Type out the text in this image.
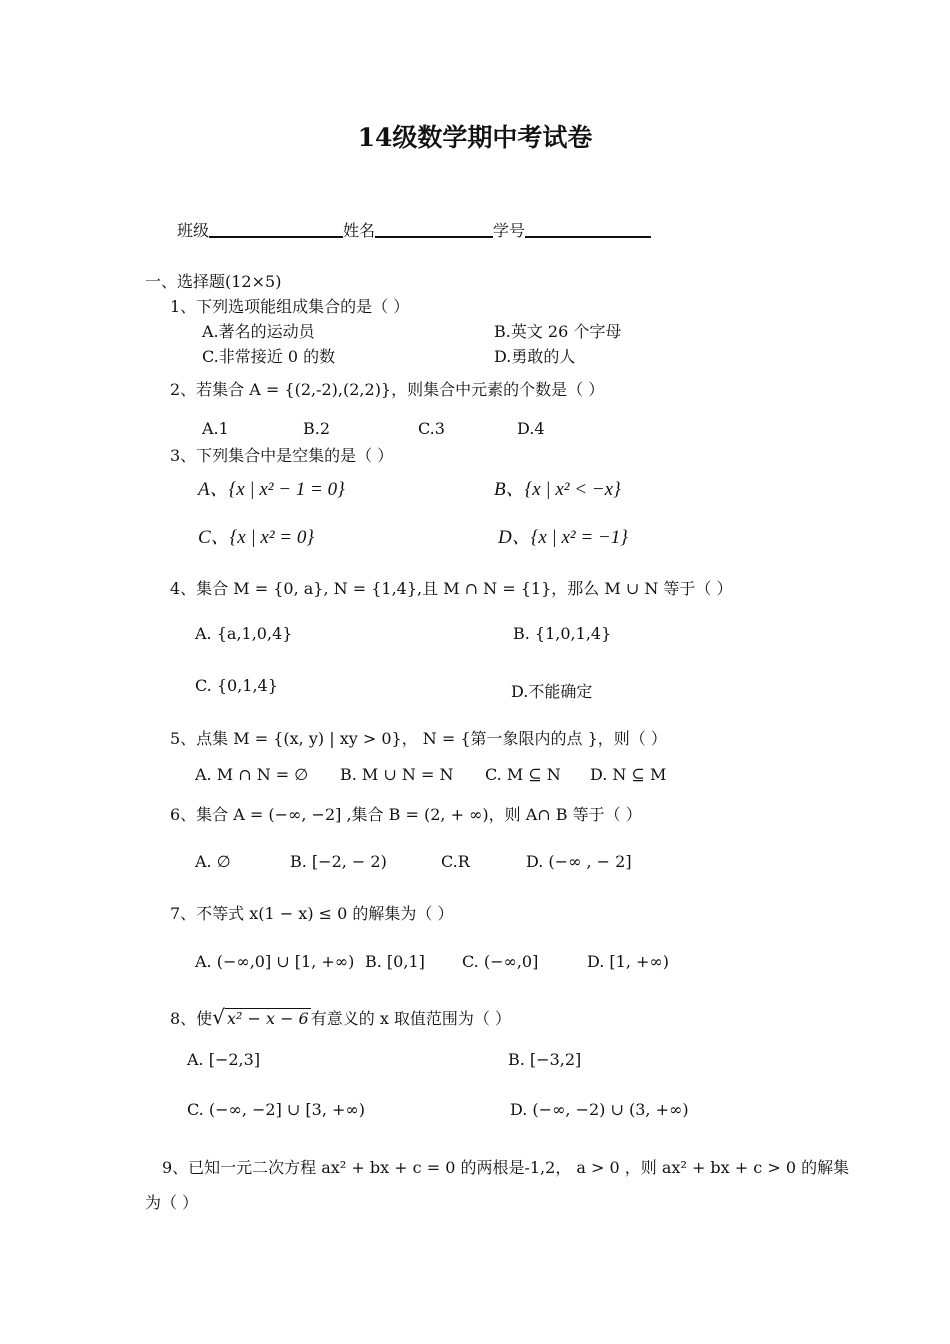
14级数学期中考试卷
班级	姓名	学号
一、选择题(12×5)
1、下列选项能组成集合的是（ ）
A.著名的运动员	B.英文 26 个字母
C.非常接近 0 的数	D.勇敢的人
2、若集合 A = {(2,-2),(2,2)}，则集合中元素的个数是（ ）
A.1	B.2	C.3	D.4
3、下列集合中是空集的是（ ）
A、{x | x² − 1 = 0}	B、{x | x² < −x}
C、{x | x² = 0}	D、{x | x² = −1}
4、集合 M = {0, a}, N = {1,4},且 M ∩ N = {1}，那么 M ∪ N 等于（ ）
A. {a,1,0,4}	B. {1,0,1,4}
C. {0,1,4}	D.不能确定
5、点集 M = {(x, y) | xy > 0}， N = {第一象限内的点 }，则（ ）
A. M ∩ N = ∅ B. M ∪ N = N C. M ⊆ N D. N ⊆ M
6、集合 A = (−∞, −2] ,集合 B = (2, + ∞)，则 A∩ B 等于（ ）
A. ∅	B. [−2, − 2)	C.R	D. (−∞ , − 2]
7、不等式 x(1 − x) ≤ 0 的解集为（ ）
A. (−∞,0] ∪ [1, +∞) B. [0,1] C. (−∞,0]	D. [1, +∞)
8、使√ x² − x − 6 有意义的 x 取值范围为（ ）
A. [−2,3]	B. [−3,2]
C. (−∞, −2] ∪ [3, +∞)	D. (−∞, −2) ∪ (3, +∞)
9、已知一元二次方程 ax² + bx + c = 0 的两根是-1,2， a > 0 ，则 ax² + bx + c > 0 的解集
为（ ）
